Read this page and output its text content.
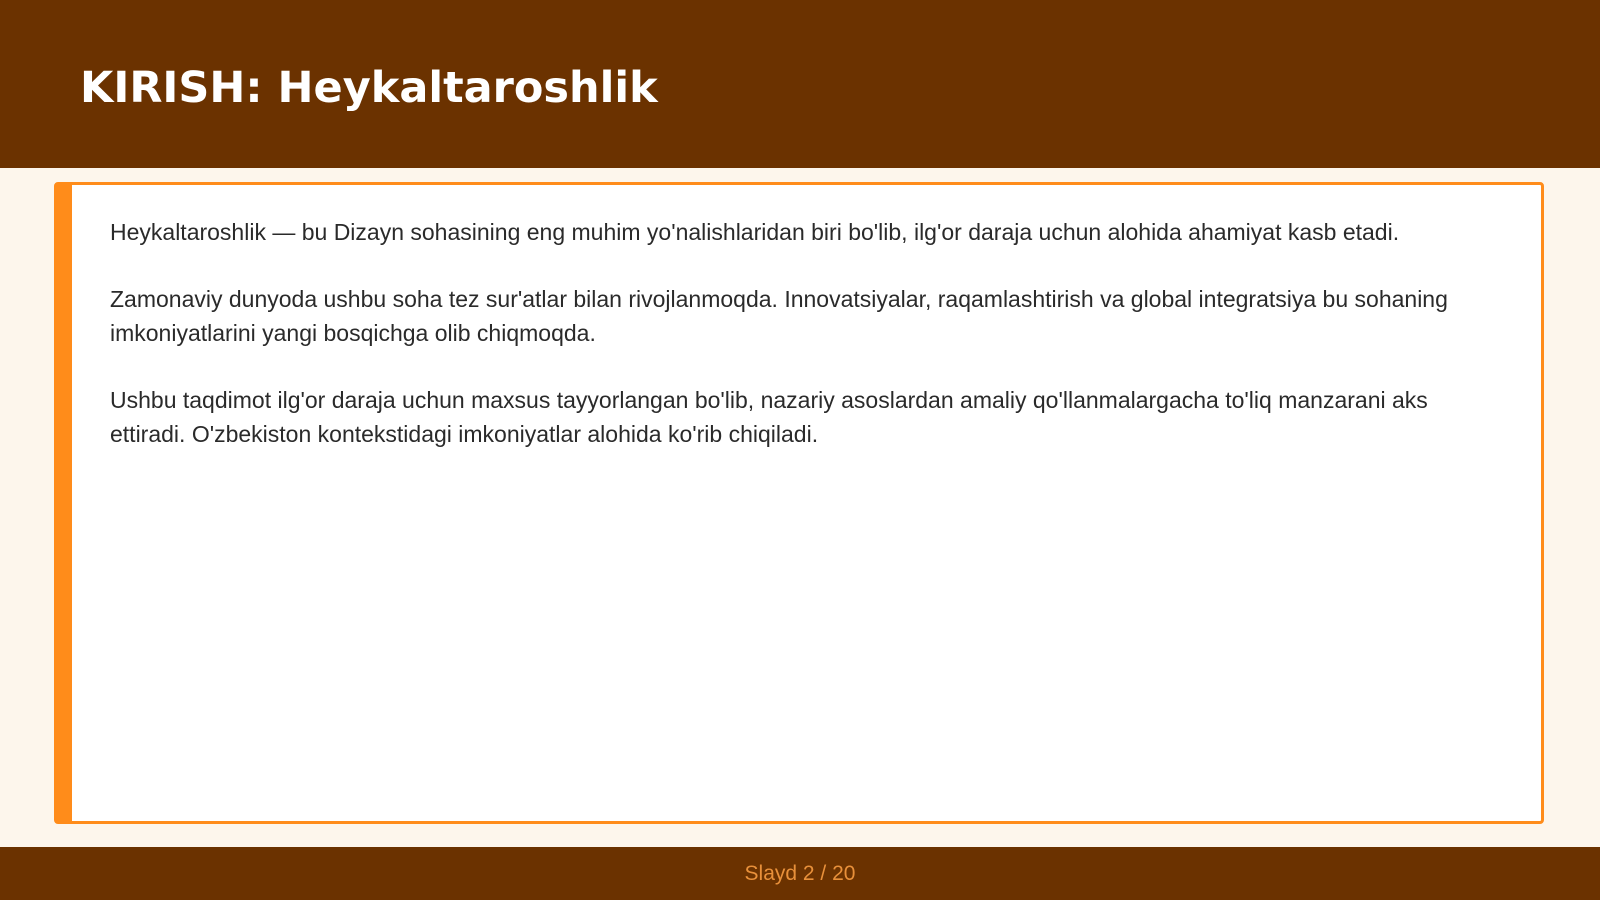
KIRISH: Heykaltaroshlik

Heykaltaroshlik — bu Dizayn sohasining eng muhim yo'nalishlaridan biri bo'lib, ilg'or daraja uchun alohida ahamiyat kasb etadi.

Zamonaviy dunyoda ushbu soha tez sur'atlar bilan rivojlanmoqda. Innovatsiyalar, raqamlashtirish va global integratsiya bu sohaning imkoniyatlarini yangi bosqichga olib chiqmoqda.

Ushbu taqdimot ilg'or daraja uchun maxsus tayyorlangan bo'lib, nazariy asoslardan amaliy qo'llanmalargacha to'liq manzarani aks ettiradi. O'zbekiston kontekstidagi imkoniyatlar alohida ko'rib chiqiladi.

Slayd 2 / 20
